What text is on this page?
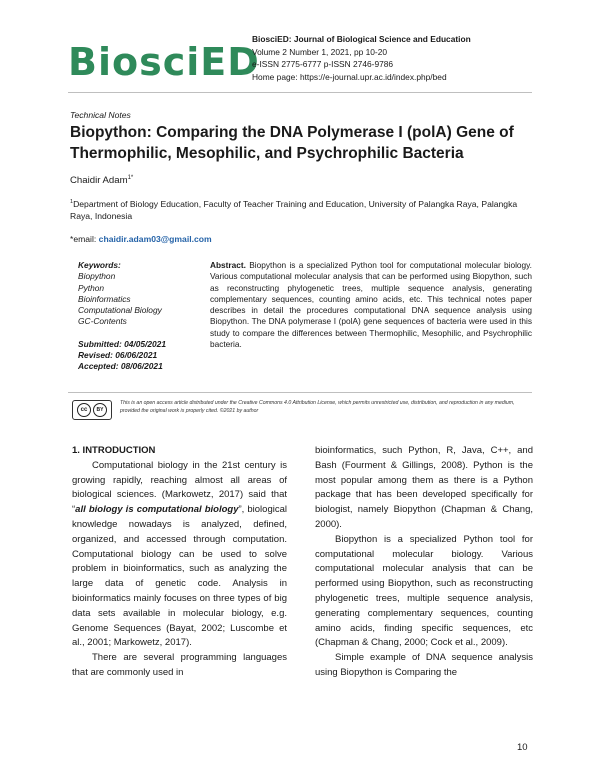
BiosciED
BiosciED: Journal of Biological Science and Education
Volume 2 Number 1, 2021, pp 10-20
e-ISSN 2775-6777 p-ISSN 2746-9786
Home page: https://e-journal.upr.ac.id/index.php/bed
Technical Notes
Biopython: Comparing the DNA Polymerase I (polA) Gene of Thermophilic, Mesophilic, and Psychrophilic Bacteria
Chaidir Adam$^{1*}$
$^1$Department of Biology Education, Faculty of Teacher Training and Education, University of Palangka Raya, Palangka Raya, Indonesia
*email: chaidir.adam03@gmail.com
Keywords:
Biopython
Python
Bioinformatics
Computational Biology
GC-Contents
Submitted: 04/05/2021
Revised: 06/06/2021
Accepted: 08/06/2021
Abstract. Biopython is a specialized Python tool for computational molecular biology. Various computational molecular analysis that can be performed using Biopython, such as reconstructing phylogenetic trees, multiple sequence analysis, generating complementary sequences, counting amino acids, etc. This technical notes paper describes in detail the procedures computational DNA sequence analysis using Biopython. The DNA polymerase I (polA) gene sequences of bacteria were used in this study to compare the differences between Thermophilic, Mesophilic, and Psychrophilic bacteria.
cc	BY
This is an open access article distributed under the Creative Commons 4.0 Attribution License, which permits unrestricted use, distribution, and reproduction in any medium, provided the original work is properly cited. ©2021 by author
1. INTRODUCTION

Computational biology in the 21st century is growing rapidly, reaching almost all areas of biological sciences. (Markowetz, 2017) said that “all biology is computational biology”, biological knowledge nowadays is analyzed, defined, organized, and accessed through computation. Computational biology can be used to solve problem in bioinformatics, such as analyzing the large data of genetic code. Analysis in bioinformatics mainly focuses on three types of big data sets available in molecular biology, e.g. Genome Sequences (Bayat, 2002; Luscombe et al., 2001; Markowetz, 2017).

There are several programming languages that are commonly used in

bioinformatics, such Python, R, Java, C++, and Bash (Fourment & Gillings, 2008). Python is the most popular among them as there is a Python package that has been developed specifically for biologist, namely Biopython (Chapman & Chang, 2000).

Biopython is a specialized Python tool for computational molecular biology. Various computational molecular analysis that can be performed using Biopython, such as reconstructing phylogenetic trees, multiple sequence analysis, generating complementary sequences, counting amino acids, finding specific sequences, etc (Chapman & Chang, 2000; Cock et al., 2009).

Simple example of DNA sequence analysis using Biopython is Comparing the

10
